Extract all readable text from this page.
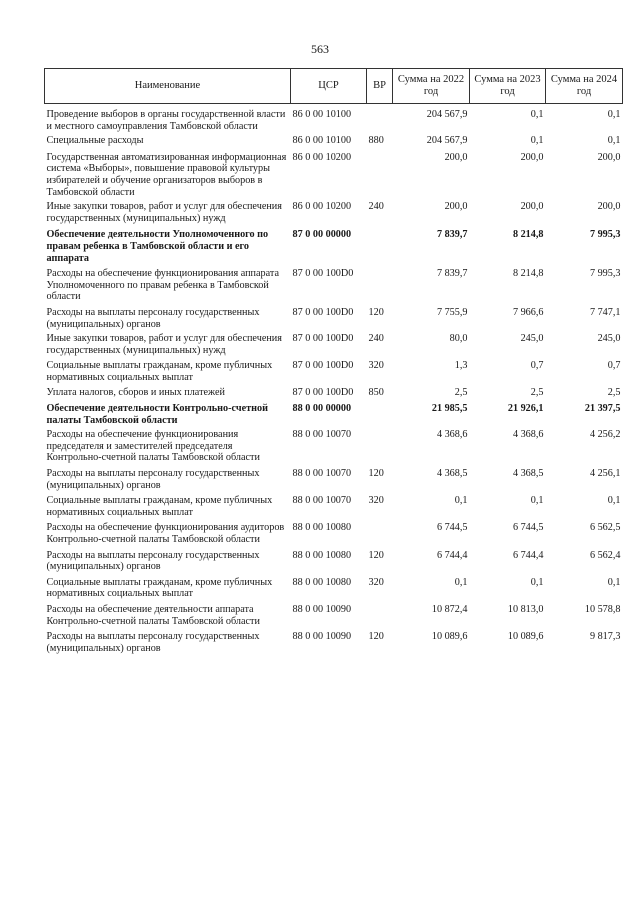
563
Наименование	ЦСР	ВР	Сумма на 2022 год	Сумма на 2023 год	Сумма на 2024 год
Проведение выборов в органы государственной власти и местного самоуправления Тамбовской области	86 0 00 10100		204 567,9	0,1	0,1
Специальные расходы	86 0 00 10100	880	204 567,9	0,1	0,1
Государственная автоматизированная информационная система «Выборы», повышение правовой культуры избирателей и обучение организаторов выборов в Тамбовской области	86 0 00 10200		200,0	200,0	200,0
Иные закупки товаров, работ и услуг для обеспечения государственных (муниципальных) нужд	86 0 00 10200	240	200,0	200,0	200,0
Обеспечение деятельности Уполномоченного по правам ребенка в Тамбовской области и его аппарата	87 0 00 00000		7 839,7	8 214,8	7 995,3
Расходы на обеспечение функционирования аппарата Уполномоченного по правам ребенка в Тамбовской области	87 0 00 100D0		7 839,7	8 214,8	7 995,3
Расходы на выплаты персоналу государственных (муниципальных) органов	87 0 00 100D0	120	7 755,9	7 966,6	7 747,1
Иные закупки товаров, работ и услуг для обеспечения государственных (муниципальных) нужд	87 0 00 100D0	240	80,0	245,0	245,0
Социальные выплаты гражданам, кроме публичных нормативных социальных выплат	87 0 00 100D0	320	1,3	0,7	0,7
Уплата налогов, сборов и иных платежей	87 0 00 100D0	850	2,5	2,5	2,5
Обеспечение деятельности Контрольно-счетной палаты Тамбовской области	88 0 00 00000		21 985,5	21 926,1	21 397,5
Расходы на обеспечение функционирования председателя и заместителей председателя Контрольно-счетной палаты Тамбовской области	88 0 00 10070		4 368,6	4 368,6	4 256,2
Расходы на выплаты персоналу государственных (муниципальных) органов	88 0 00 10070	120	4 368,5	4 368,5	4 256,1
Социальные выплаты гражданам, кроме публичных нормативных социальных выплат	88 0 00 10070	320	0,1	0,1	0,1
Расходы на обеспечение функционирования аудиторов Контрольно-счетной палаты Тамбовской области	88 0 00 10080		6 744,5	6 744,5	6 562,5
Расходы на выплаты персоналу государственных (муниципальных) органов	88 0 00 10080	120	6 744,4	6 744,4	6 562,4
Социальные выплаты гражданам, кроме публичных нормативных социальных выплат	88 0 00 10080	320	0,1	0,1	0,1
Расходы на обеспечение деятельности аппарата Контрольно-счетной палаты Тамбовской области	88 0 00 10090		10 872,4	10 813,0	10 578,8
Расходы на выплаты персоналу государственных (муниципальных) органов	88 0 00 10090	120	10 089,6	10 089,6	9 817,3
